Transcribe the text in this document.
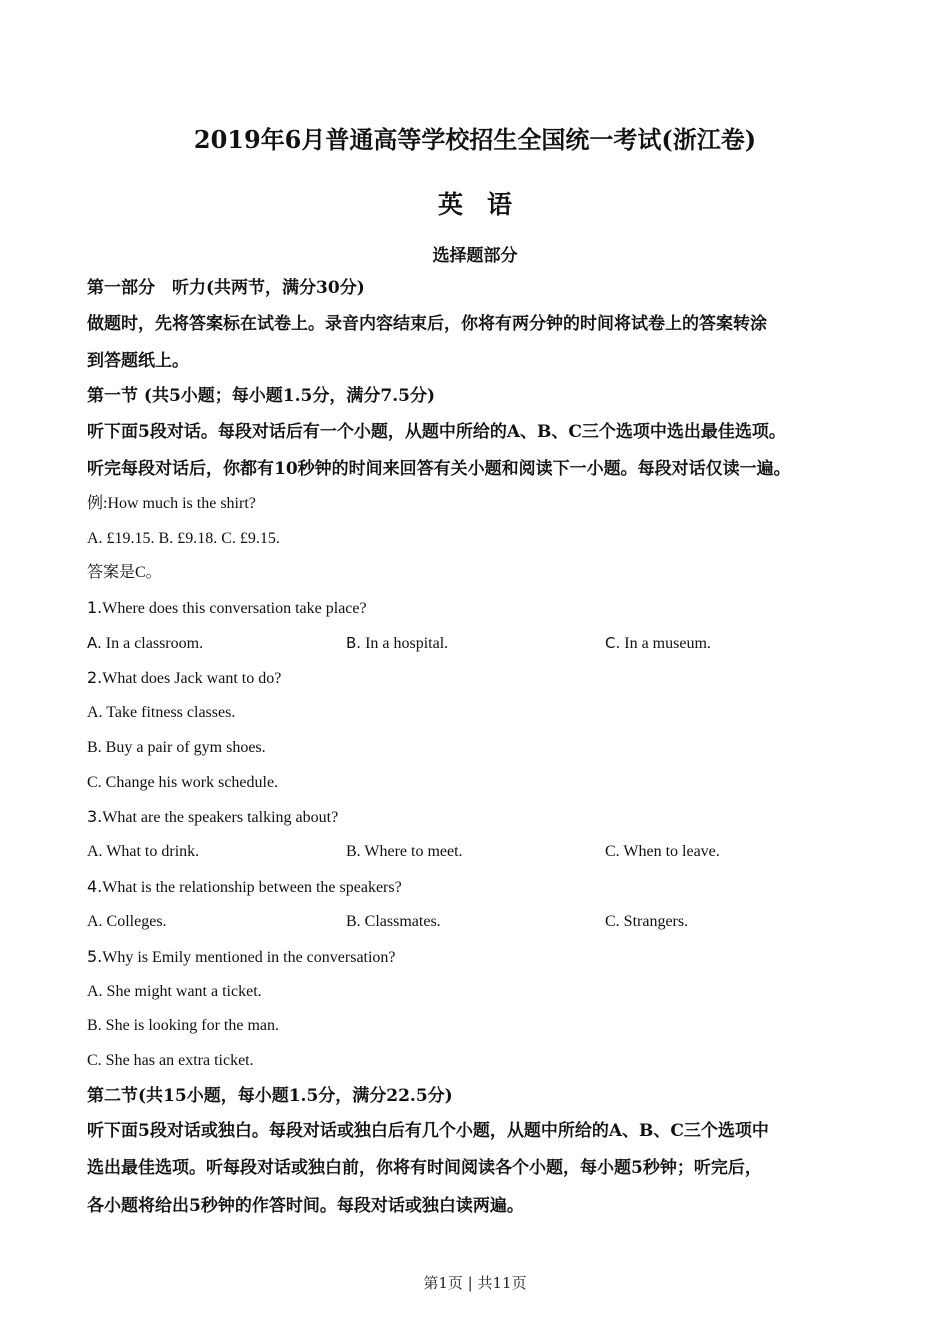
2019年6月普通高等学校招生全国统一考试(浙江卷)
英语
选择题部分
第一部分　听力(共两节，满分30分)
做题时，先将答案标在试卷上。录音内容结束后，你将有两分钟的时间将试卷上的答案转涂
到答题纸上。
第一节 (共5小题；每小题1.5分，满分7.5分)
听下面5段对话。每段对话后有一个小题，从题中所给的A、B、C三个选项中选出最佳选项。
听完每段对话后，你都有10秒钟的时间来回答有关小题和阅读下一小题。每段对话仅读一遍。
例:How much is the shirt?
A. £19.15. B. £9.18. C. £9.15.
答案是C。
1.Where does this conversation take place?
A. In a classroom.	B. In a hospital.	C. In a museum.
2.What does Jack want to do?
A. Take fitness classes.
B. Buy a pair of gym shoes.
C. Change his work schedule.
3.What are the speakers talking about?
A. What to drink.	B. Where to meet.	C. When to leave.
4.What is the relationship between the speakers?
A. Colleges.	B. Classmates.	C. Strangers.
5.Why is Emily mentioned in the conversation?
A. She might want a ticket.
B. She is looking for the man.
C. She has an extra ticket.
第二节(共15小题，每小题1.5分，满分22.5分)
听下面5段对话或独白。每段对话或独白后有几个小题，从题中所给的A、B、C三个选项中
选出最佳选项。听每段对话或独白前，你将有时间阅读各个小题，每小题5秒钟；听完后，
各小题将给出5秒钟的作答时间。每段对话或独白读两遍。
第1页 | 共11页
